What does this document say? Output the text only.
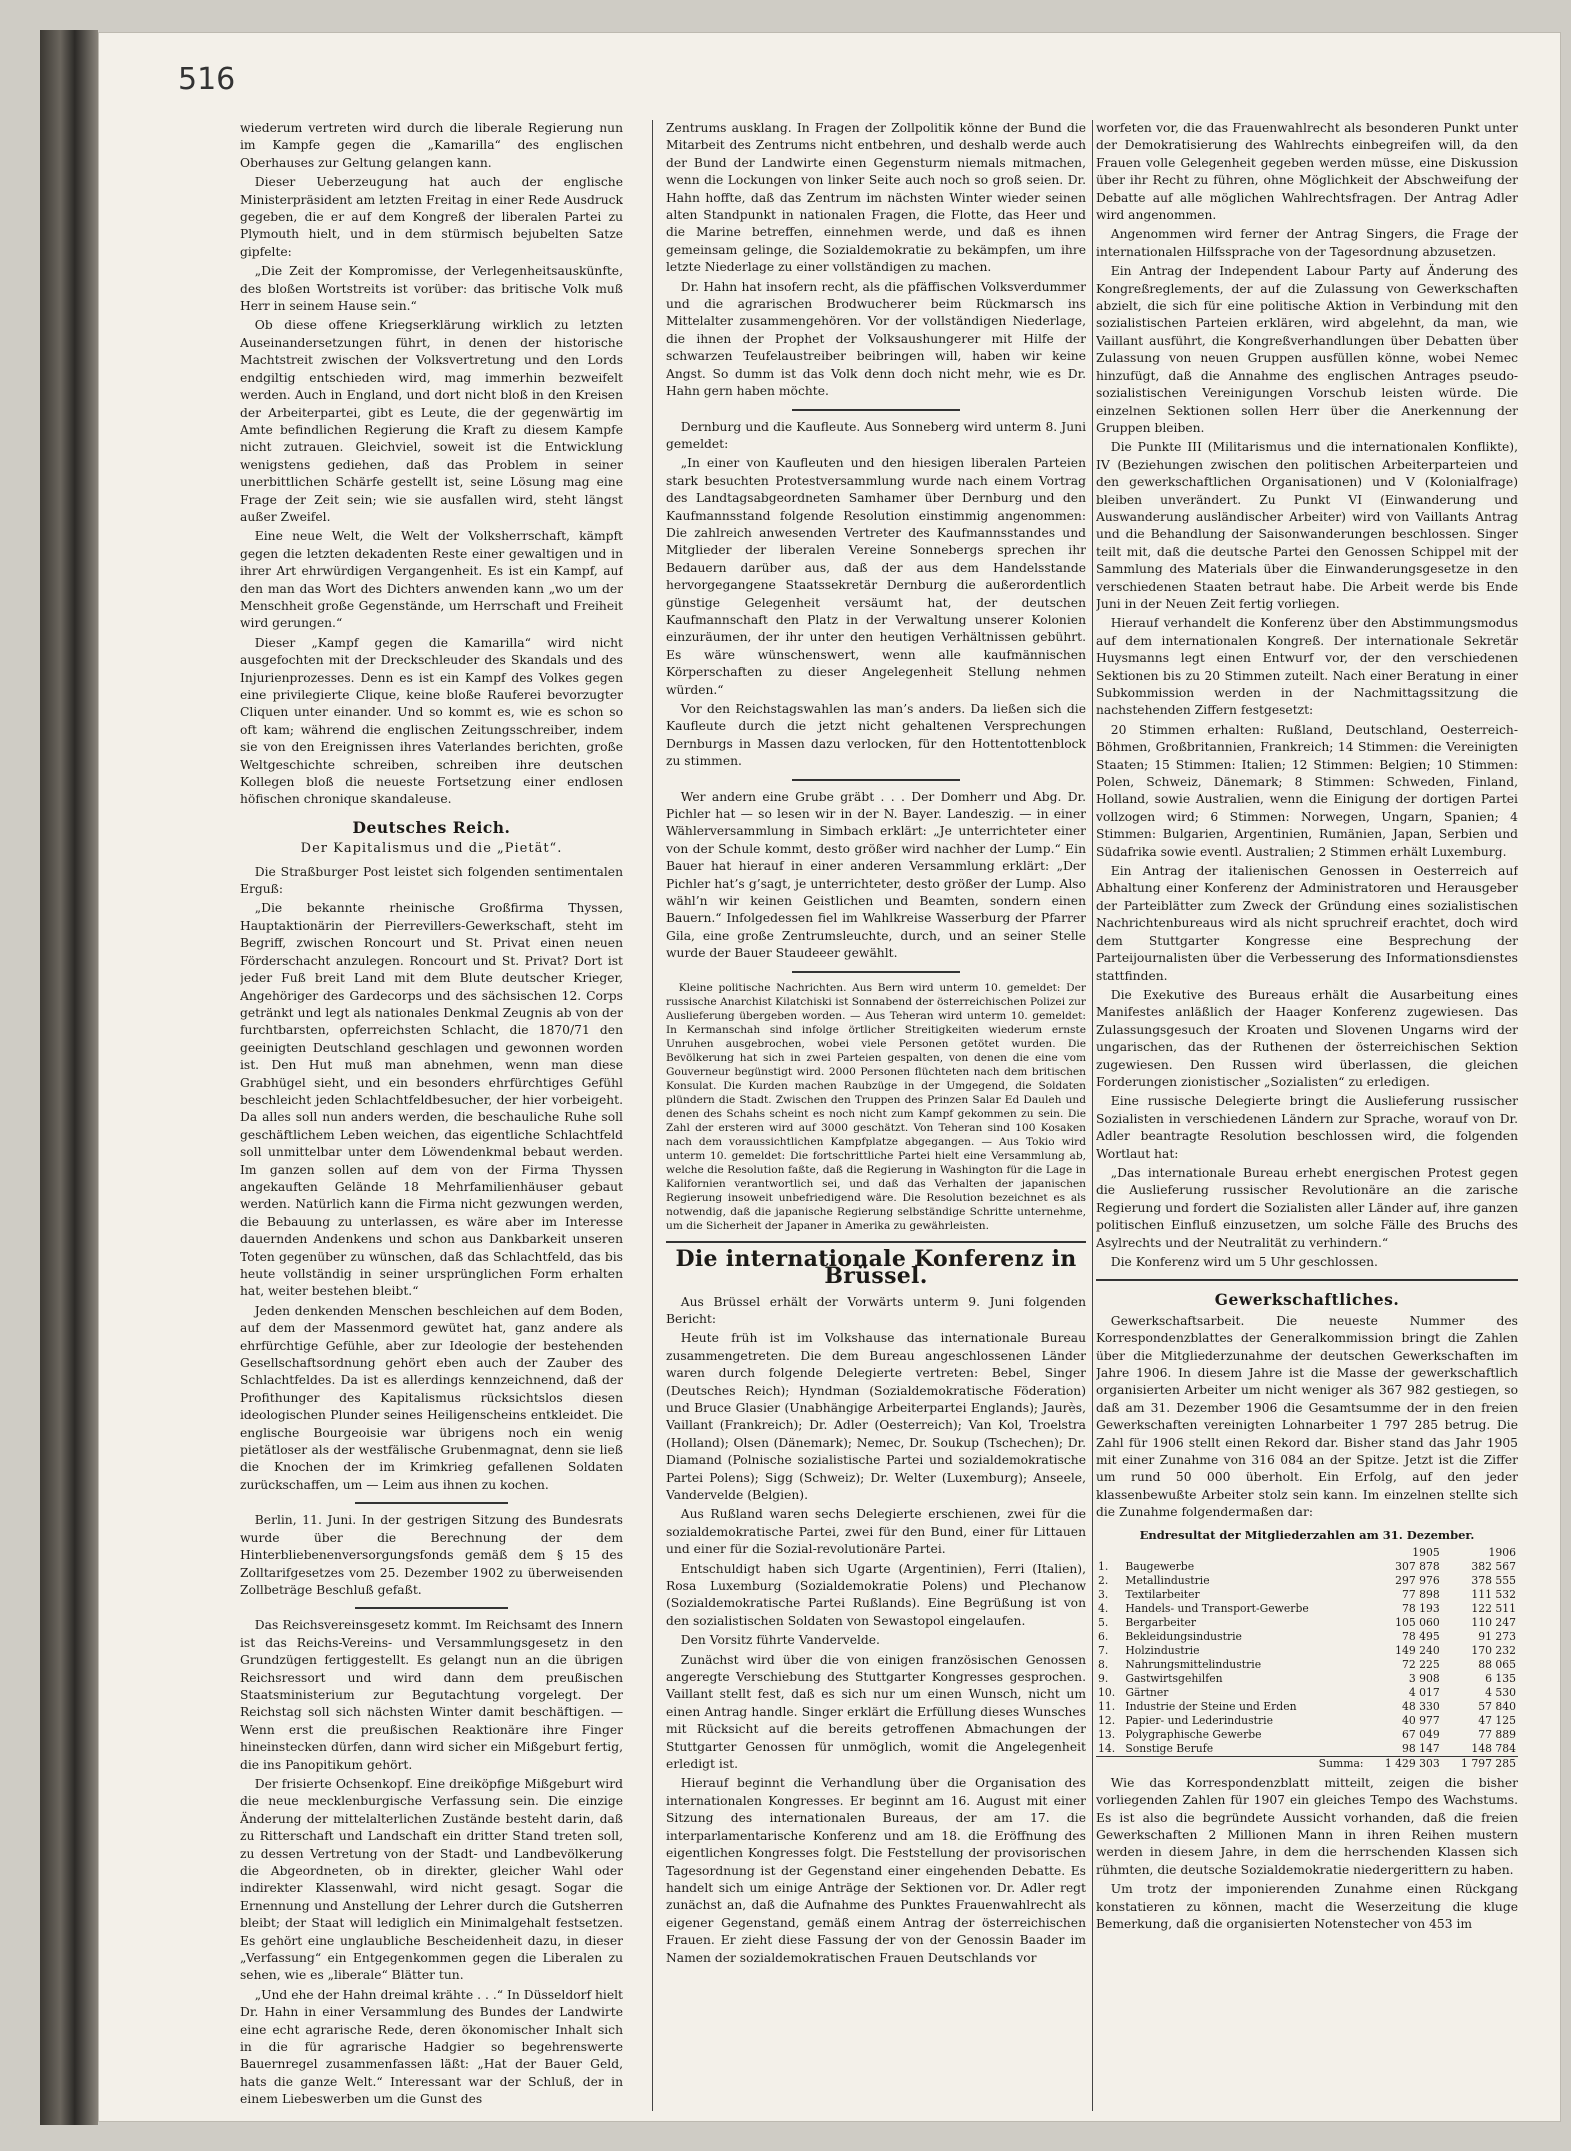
516

wiederum vertreten wird durch die liberale Regierung nun im Kampfe gegen die „Kamarilla“ des englischen Oberhauses zur Geltung gelangen kann.

Dieser Ueberzeugung hat auch der englische Ministerpräsident am letzten Freitag in einer Rede Ausdruck gegeben, die er auf dem Kongreß der liberalen Partei zu Plymouth hielt, und in dem stürmisch bejubelten Satze gipfelte:

„Die Zeit der Kompromisse, der Verlegenheitsauskünfte, des bloßen Wortstreits ist vorüber: das britische Volk muß Herr in seinem Hause sein.“

Ob diese offene Kriegserklärung wirklich zu letzten Auseinandersetzungen führt, in denen der historische Machtstreit zwischen der Volksvertretung und den Lords endgiltig entschieden wird, mag immerhin bezweifelt werden. Auch in England, und dort nicht bloß in den Kreisen der Arbeiterpartei, gibt es Leute, die der gegenwärtig im Amte befindlichen Regierung die Kraft zu diesem Kampfe nicht zutrauen. Gleichviel, soweit ist die Entwicklung wenigstens gediehen, daß das Problem in seiner unerbittlichen Schärfe gestellt ist, seine Lösung mag eine Frage der Zeit sein; wie sie ausfallen wird, steht längst außer Zweifel.

Eine neue Welt, die Welt der Volksherrschaft, kämpft gegen die letzten dekadenten Reste einer gewaltigen und in ihrer Art ehrwürdigen Vergangenheit. Es ist ein Kampf, auf den man das Wort des Dichters anwenden kann „wo um der Menschheit große Gegenstände, um Herrschaft und Freiheit wird gerungen.“

Dieser „Kampf gegen die Kamarilla“ wird nicht ausgefochten mit der Dreckschleuder des Skandals und des Injurienprozesses. Denn es ist ein Kampf des Volkes gegen eine privilegierte Clique, keine bloße Rauferei bevorzugter Cliquen unter einander. Und so kommt es, wie es schon so oft kam; während die englischen Zeitungsschreiber, indem sie von den Ereignissen ihres Vaterlandes berichten, große Weltgeschichte schreiben, schreiben ihre deutschen Kollegen bloß die neueste Fortsetzung einer endlosen höfischen chronique skandaleuse.

Deutsches Reich.
Der Kapitalismus und die „Pietät“.

Die Straßburger Post leistet sich folgenden sentimentalen Erguß:

„Die bekannte rheinische Großfirma Thyssen, Hauptaktionärin der Pierrevillers-Gewerkschaft, steht im Begriff, zwischen Roncourt und St. Privat einen neuen Förderschacht anzulegen. Roncourt und St. Privat? Dort ist jeder Fuß breit Land mit dem Blute deutscher Krieger, Angehöriger des Gardecorps und des sächsischen 12. Corps getränkt und legt als nationales Denkmal Zeugnis ab von der furchtbarsten, opferreichsten Schlacht, die 1870/71 den geeinigten Deutschland geschlagen und gewonnen worden ist. Den Hut muß man abnehmen, wenn man diese Grabhügel sieht, und ein besonders ehrfürchtiges Gefühl beschleicht jeden Schlachtfeldbesucher, der hier vorbeigeht. Da alles soll nun anders werden, die beschauliche Ruhe soll geschäftlichem Leben weichen, das eigentliche Schlachtfeld soll unmittelbar unter dem Löwendenkmal bebaut werden. Im ganzen sollen auf dem von der Firma Thyssen angekauften Gelände 18 Mehrfamilienhäuser gebaut werden. Natürlich kann die Firma nicht gezwungen werden, die Bebauung zu unterlassen, es wäre aber im Interesse dauernden Andenkens und schon aus Dankbarkeit unseren Toten gegenüber zu wünschen, daß das Schlachtfeld, das bis heute vollständig in seiner ursprünglichen Form erhalten hat, weiter bestehen bleibt.“

Jeden denkenden Menschen beschleichen auf dem Boden, auf dem der Massenmord gewütet hat, ganz andere als ehrfürchtige Gefühle, aber zur Ideologie der bestehenden Gesellschaftsordnung gehört eben auch der Zauber des Schlachtfeldes. Da ist es allerdings kennzeichnend, daß der Profithunger des Kapitalismus rücksichtslos diesen ideologischen Plunder seines Heiligenscheins entkleidet. Die englische Bourgeoisie war übrigens noch ein wenig pietätloser als der westfälische Grubenmagnat, denn sie ließ die Knochen der im Krimkrieg gefallenen Soldaten zurückschaffen, um — Leim aus ihnen zu kochen.

Berlin, 11. Juni. In der gestrigen Sitzung des Bundesrats wurde über die Berechnung der dem Hinterbliebenenversorgungsfonds gemäß dem § 15 des Zolltarifgesetzes vom 25. Dezember 1902 zu überweisenden Zollbeträge Beschluß gefaßt.

Das Reichsvereinsgesetz kommt. Im Reichsamt des Innern ist das Reichs-Vereins- und Versammlungsgesetz in den Grundzügen fertiggestellt. Es gelangt nun an die übrigen Reichsressort und wird dann dem preußischen Staatsministerium zur Begutachtung vorgelegt. Der Reichstag soll sich nächsten Winter damit beschäftigen. — Wenn erst die preußischen Reaktionäre ihre Finger hineinstecken dürfen, dann wird sicher ein Mißgeburt fertig, die ins Panopitikum gehört.

Der frisierte Ochsenkopf. Eine dreiköpfige Mißgeburt wird die neue mecklenburgische Verfassung sein. Die einzige Änderung der mittelalterlichen Zustände besteht darin, daß zu Ritterschaft und Landschaft ein dritter Stand treten soll, zu dessen Vertretung von der Stadt- und Landbevölkerung die Abgeordneten, ob in direkter, gleicher Wahl oder indirekter Klassenwahl, wird nicht gesagt. Sogar die Ernennung und Anstellung der Lehrer durch die Gutsherren bleibt; der Staat will lediglich ein Minimalgehalt festsetzen. Es gehört eine unglaubliche Bescheidenheit dazu, in dieser „Verfassung“ ein Entgegenkommen gegen die Liberalen zu sehen, wie es „liberale“ Blätter tun.

„Und ehe der Hahn dreimal krähte . . .“ In Düsseldorf hielt Dr. Hahn in einer Versammlung des Bundes der Landwirte eine echt agrarische Rede, deren ökonomischer Inhalt sich in die für agrarische Hadgier so begehrenswerte Bauernregel zusammenfassen läßt: „Hat der Bauer Geld, hats die ganze Welt.“ Interessant war der Schluß, der in einem Liebeswerben um die Gunst des

Zentrums ausklang. In Fragen der Zollpolitik könne der Bund die Mitarbeit des Zentrums nicht entbehren, und deshalb werde auch der Bund der Landwirte einen Gegensturm niemals mitmachen, wenn die Lockungen von linker Seite auch noch so groß seien. Dr. Hahn hoffte, daß das Zentrum im nächsten Winter wieder seinen alten Standpunkt in nationalen Fragen, die Flotte, das Heer und die Marine betreffen, einnehmen werde, und daß es ihnen gemeinsam gelinge, die Sozialdemokratie zu bekämpfen, um ihre letzte Niederlage zu einer vollständigen zu machen.

Dr. Hahn hat insofern recht, als die pfäffischen Volksverdummer und die agrarischen Brodwucherer beim Rückmarsch ins Mittelalter zusammengehören. Vor der vollständigen Niederlage, die ihnen der Prophet der Volksaushungerer mit Hilfe der schwarzen Teufelaustreiber beibringen will, haben wir keine Angst. So dumm ist das Volk denn doch nicht mehr, wie es Dr. Hahn gern haben möchte.

Dernburg und die Kaufleute. Aus Sonneberg wird unterm 8. Juni gemeldet:

„In einer von Kaufleuten und den hiesigen liberalen Parteien stark besuchten Protestversammlung wurde nach einem Vortrag des Landtagsabgeordneten Samhamer über Dernburg und den Kaufmannsstand folgende Resolution einstimmig angenommen: Die zahlreich anwesenden Vertreter des Kaufmannsstandes und Mitglieder der liberalen Vereine Sonnebergs sprechen ihr Bedauern darüber aus, daß der aus dem Handelsstande hervorgegangene Staatssekretär Dernburg die außerordentlich günstige Gelegenheit versäumt hat, der deutschen Kaufmannschaft den Platz in der Verwaltung unserer Kolonien einzuräumen, der ihr unter den heutigen Verhältnissen gebührt. Es wäre wünschenswert, wenn alle kaufmännischen Körperschaften zu dieser Angelegenheit Stellung nehmen würden.“

Vor den Reichstagswahlen las man’s anders. Da ließen sich die Kaufleute durch die jetzt nicht gehaltenen Versprechungen Dernburgs in Massen dazu verlocken, für den Hottentottenblock zu stimmen.

Wer andern eine Grube gräbt . . . Der Domherr und Abg. Dr. Pichler hat — so lesen wir in der N. Bayer. Landeszig. — in einer Wählerversammlung in Simbach erklärt: „Je unterrichteter einer von der Schule kommt, desto größer wird nachher der Lump.“ Ein Bauer hat hierauf in einer anderen Versammlung erklärt: „Der Pichler hat’s g’sagt, je unterrichteter, desto größer der Lump. Also wähl’n wir keinen Geistlichen und Beamten, sondern einen Bauern.“ Infolgedessen fiel im Wahlkreise Wasserburg der Pfarrer Gila, eine große Zentrumsleuchte, durch, und an seiner Stelle wurde der Bauer Staudeeer gewählt.

Kleine politische Nachrichten. Aus Bern wird unterm 10. gemeldet: Der russische Anarchist Kilatchiski ist Sonnabend der österreichischen Polizei zur Auslieferung übergeben worden. — Aus Teheran wird unterm 10. gemeldet: In Kermanschah sind infolge örtlicher Streitigkeiten wiederum ernste Unruhen ausgebrochen, wobei viele Personen getötet wurden. Die Bevölkerung hat sich in zwei Parteien gespalten, von denen die eine vom Gouverneur begünstigt wird. 2000 Personen flüchteten nach dem britischen Konsulat. Die Kurden machen Raubzüge in der Umgegend, die Soldaten plündern die Stadt. Zwischen den Truppen des Prinzen Salar Ed Dauleh und denen des Schahs scheint es noch nicht zum Kampf gekommen zu sein. Die Zahl der ersteren wird auf 3000 geschätzt. Von Teheran sind 100 Kosaken nach dem voraussichtlichen Kampfplatze abgegangen. — Aus Tokio wird unterm 10. gemeldet: Die fortschrittliche Partei hielt eine Versammlung ab, welche die Resolution faßte, daß die Regierung in Washington für die Lage in Kalifornien verantwortlich sei, und daß das Verhalten der japanischen Regierung insoweit unbefriedigend wäre. Die Resolution bezeichnet es als notwendig, daß die japanische Regierung selbständige Schritte unternehme, um die Sicherheit der Japaner in Amerika zu gewährleisten.

Die internationale Konferenz in Brüssel.

Aus Brüssel erhält der Vorwärts unterm 9. Juni folgenden Bericht:

Heute früh ist im Volkshause das internationale Bureau zusammengetreten. Die dem Bureau angeschlossenen Länder waren durch folgende Delegierte vertreten: Bebel, Singer (Deutsches Reich); Hyndman (Sozialdemokratische Föderation) und Bruce Glasier (Unabhängige Arbeiterpartei Englands); Jaurès, Vaillant (Frankreich); Dr. Adler (Oesterreich); Van Kol, Troelstra (Holland); Olsen (Dänemark); Nemec, Dr. Soukup (Tschechen); Dr. Diamand (Polnische sozialistische Partei und sozialdemokratische Partei Polens); Sigg (Schweiz); Dr. Welter (Luxemburg); Anseele, Vandervelde (Belgien).

Aus Rußland waren sechs Delegierte erschienen, zwei für die sozialdemokratische Partei, zwei für den Bund, einer für Littauen und einer für die Sozial-revolutionäre Partei.

Entschuldigt haben sich Ugarte (Argentinien), Ferri (Italien), Rosa Luxemburg (Sozialdemokratie Polens) und Plechanow (Sozialdemokratische Partei Rußlands). Eine Begrüßung ist von den sozialistischen Soldaten von Sewastopol eingelaufen.

Den Vorsitz führte Vandervelde.

Zunächst wird über die von einigen französischen Genossen angeregte Verschiebung des Stuttgarter Kongresses gesprochen. Vaillant stellt fest, daß es sich nur um einen Wunsch, nicht um einen Antrag handle. Singer erklärt die Erfüllung dieses Wunsches mit Rücksicht auf die bereits getroffenen Abmachungen der Stuttgarter Genossen für unmöglich, womit die Angelegenheit erledigt ist.

Hierauf beginnt die Verhandlung über die Organisation des internationalen Kongresses. Er beginnt am 16. August mit einer Sitzung des internationalen Bureaus, der am 17. die interparlamentarische Konferenz und am 18. die Eröffnung des eigentlichen Kongresses folgt. Die Feststellung der provisorischen Tagesordnung ist der Gegenstand einer eingehenden Debatte. Es handelt sich um einige Anträge der Sektionen vor. Dr. Adler regt zunächst an, daß die Aufnahme des Punktes Frauenwahlrecht als eigener Gegenstand, gemäß einem Antrag der österreichischen Frauen. Er zieht diese Fassung der von der Genossin Baader im Namen der sozialdemokratischen Frauen Deutschlands vor

worfeten vor, die das Frauenwahlrecht als besonderen Punkt unter der Demokratisierung des Wahlrechts einbegreifen will, da den Frauen volle Gelegenheit gegeben werden müsse, eine Diskussion über ihr Recht zu führen, ohne Möglichkeit der Abschweifung der Debatte auf alle möglichen Wahlrechtsfragen. Der Antrag Adler wird angenommen.

Angenommen wird ferner der Antrag Singers, die Frage der internationalen Hilfssprache von der Tagesordnung abzusetzen.

Ein Antrag der Independent Labour Party auf Änderung des Kongreßreglements, der auf die Zulassung von Gewerkschaften abzielt, die sich für eine politische Aktion in Verbindung mit den sozialistischen Parteien erklären, wird abgelehnt, da man, wie Vaillant ausführt, die Kongreßverhandlungen über Debatten über Zulassung von neuen Gruppen ausfüllen könne, wobei Nemec hinzufügt, daß die Annahme des englischen Antrages pseudo-sozialistischen Vereinigungen Vorschub leisten würde. Die einzelnen Sektionen sollen Herr über die Anerkennung der Gruppen bleiben.

Die Punkte III (Militarismus und die internationalen Konflikte), IV (Beziehungen zwischen den politischen Arbeiterparteien und den gewerkschaftlichen Organisationen) und V (Kolonialfrage) bleiben unverändert. Zu Punkt VI (Einwanderung und Auswanderung ausländischer Arbeiter) wird von Vaillants Antrag und die Behandlung der Saisonwanderungen beschlossen. Singer teilt mit, daß die deutsche Partei den Genossen Schippel mit der Sammlung des Materials über die Einwanderungsgesetze in den verschiedenen Staaten betraut habe. Die Arbeit werde bis Ende Juni in der Neuen Zeit fertig vorliegen.

Hierauf verhandelt die Konferenz über den Abstimmungsmodus auf dem internationalen Kongreß. Der internationale Sekretär Huysmanns legt einen Entwurf vor, der den verschiedenen Sektionen bis zu 20 Stimmen zuteilt. Nach einer Beratung in einer Subkommission werden in der Nachmittagssitzung die nachstehenden Ziffern festgesetzt:

20 Stimmen erhalten: Rußland, Deutschland, Oesterreich-Böhmen, Großbritannien, Frankreich; 14 Stimmen: die Vereinigten Staaten; 15 Stimmen: Italien; 12 Stimmen: Belgien; 10 Stimmen: Polen, Schweiz, Dänemark; 8 Stimmen: Schweden, Finland, Holland, sowie Australien, wenn die Einigung der dortigen Partei vollzogen wird; 6 Stimmen: Norwegen, Ungarn, Spanien; 4 Stimmen: Bulgarien, Argentinien, Rumänien, Japan, Serbien und Südafrika sowie eventl. Australien; 2 Stimmen erhält Luxemburg.

Ein Antrag der italienischen Genossen in Oesterreich auf Abhaltung einer Konferenz der Administratoren und Herausgeber der Parteiblätter zum Zweck der Gründung eines sozialistischen Nachrichtenbureaus wird als nicht spruchreif erachtet, doch wird dem Stuttgarter Kongresse eine Besprechung der Parteijournalisten über die Verbesserung des Informationsdienstes stattfinden.

Die Exekutive des Bureaus erhält die Ausarbeitung eines Manifestes anläßlich der Haager Konferenz zugewiesen. Das Zulassungsgesuch der Kroaten und Slovenen Ungarns wird der ungarischen, das der Ruthenen der österreichischen Sektion zugewiesen. Den Russen wird überlassen, die gleichen Forderungen zionistischer „Sozialisten“ zu erledigen.

Eine russische Delegierte bringt die Auslieferung russischer Sozialisten in verschiedenen Ländern zur Sprache, worauf von Dr. Adler beantragte Resolution beschlossen wird, die folgenden Wortlaut hat:

„Das internationale Bureau erhebt energischen Protest gegen die Auslieferung russischer Revolutionäre an die zarische Regierung und fordert die Sozialisten aller Länder auf, ihre ganzen politischen Einfluß einzusetzen, um solche Fälle des Bruchs des Asylrechts und der Neutralität zu verhindern.“

Die Konferenz wird um 5 Uhr geschlossen.

Gewerkschaftliches.

Gewerkschaftsarbeit. Die neueste Nummer des Korrespondenzblattes der Generalkommission bringt die Zahlen über die Mitgliederzunahme der deutschen Gewerkschaften im Jahre 1906. In diesem Jahre ist die Masse der gewerkschaftlich organisierten Arbeiter um nicht weniger als 367 982 gestiegen, so daß am 31. Dezember 1906 die Gesamtsumme der in den freien Gewerkschaften vereinigten Lohnarbeiter 1 797 285 betrug. Die Zahl für 1906 stellt einen Rekord dar. Bisher stand das Jahr 1905 mit einer Zunahme von 316 084 an der Spitze. Jetzt ist die Ziffer um rund 50 000 überholt. Ein Erfolg, auf den jeder klassenbewußte Arbeiter stolz sein kann. Im einzelnen stellte sich die Zunahme folgendermaßen dar:

Endresultat der Mitgliederzahlen am 31. Dezember.
		1905	1906
1.	Baugewerbe	307 878	382 567
2.	Metallindustrie	297 976	378 555
3.	Textilarbeiter	77 898	111 532
4.	Handels- und Transport-Gewerbe	78 193	122 511
5.	Bergarbeiter	105 060	110 247
6.	Bekleidungsindustrie	78 495	91 273
7.	Holzindustrie	149 240	170 232
8.	Nahrungsmittelindustrie	72 225	88 065
9.	Gastwirtsgehilfen	3 908	6 135
10.	Gärtner	4 017	4 530
11.	Industrie der Steine und Erden	48 330	57 840
12.	Papier- und Lederindustrie	40 977	47 125
13.	Polygraphische Gewerbe	67 049	77 889
14.	Sonstige Berufe	98 147	148 784
	Summa:	1 429 303	1 797 285

Wie das Korrespondenzblatt mitteilt, zeigen die bisher vorliegenden Zahlen für 1907 ein gleiches Tempo des Wachstums. Es ist also die begründete Aussicht vorhanden, daß die freien Gewerkschaften 2 Millionen Mann in ihren Reihen mustern werden in diesem Jahre, in dem die herrschenden Klassen sich rühmten, die deutsche Sozialdemokratie niedergerittern zu haben.

Um trotz der imponierenden Zunahme einen Rückgang konstatieren zu können, macht die Weserzeitung die kluge Bemerkung, daß die organisierten Notenstecher von 453 im
